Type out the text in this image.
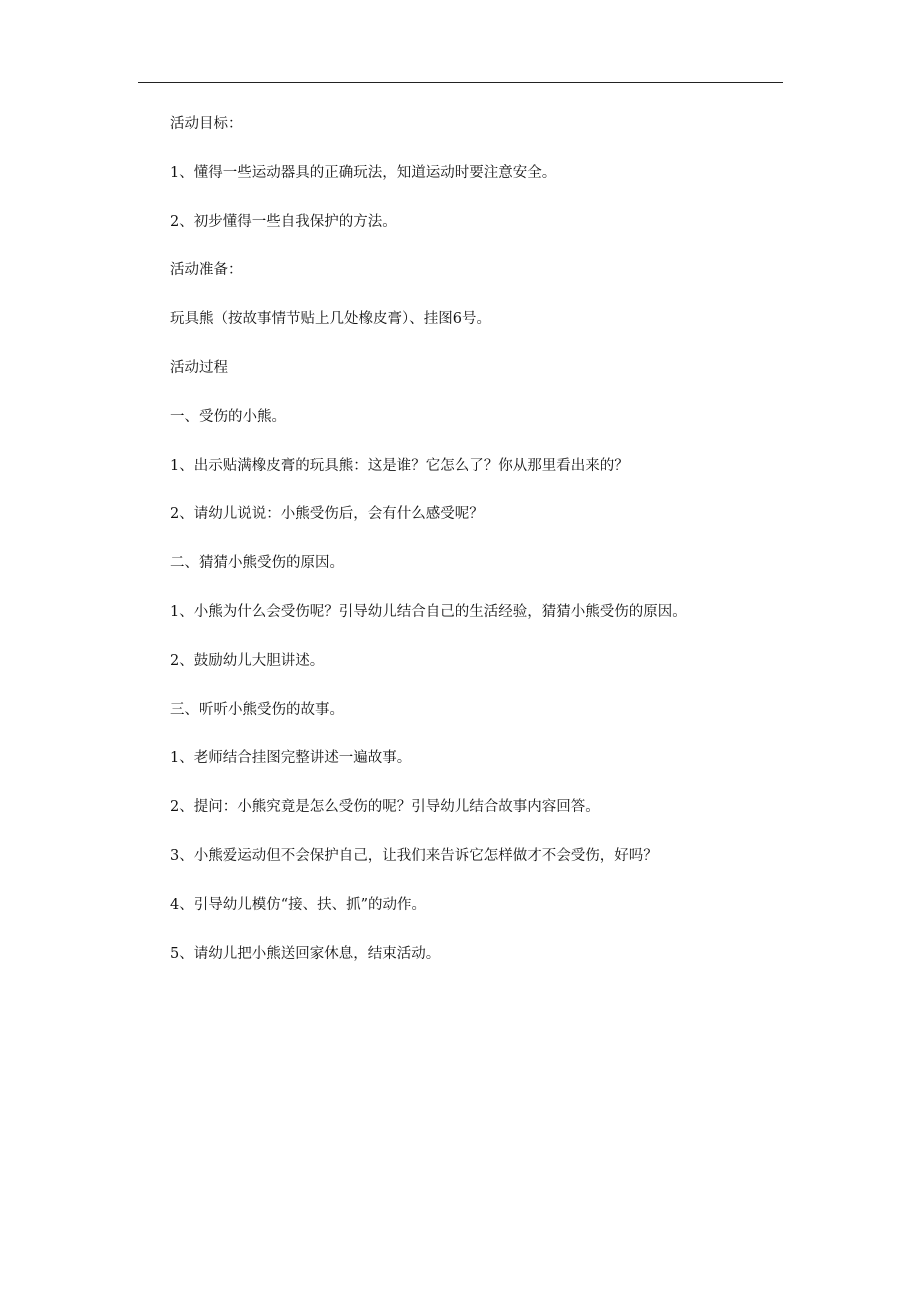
活动目标：

1、懂得一些运动器具的正确玩法，知道运动时要注意安全。

2、初步懂得一些自我保护的方法。

活动准备：

玩具熊（按故事情节贴上几处橡皮膏）、挂图6号。

活动过程

一、受伤的小熊。

1、出示贴满橡皮膏的玩具熊：这是谁？它怎么了？你从那里看出来的？

2、请幼儿说说：小熊受伤后，会有什么感受呢？

二、猜猜小熊受伤的原因。

1、小熊为什么会受伤呢？引导幼儿结合自己的生活经验，猜猜小熊受伤的原因。

2、鼓励幼儿大胆讲述。

三、听听小熊受伤的故事。

1、老师结合挂图完整讲述一遍故事。

2、提问：小熊究竟是怎么受伤的呢？引导幼儿结合故事内容回答。

3、小熊爱运动但不会保护自己，让我们来告诉它怎样做才不会受伤，好吗？

4、引导幼儿模仿“接、扶、抓”的动作。

5、请幼儿把小熊送回家休息，结束活动。
